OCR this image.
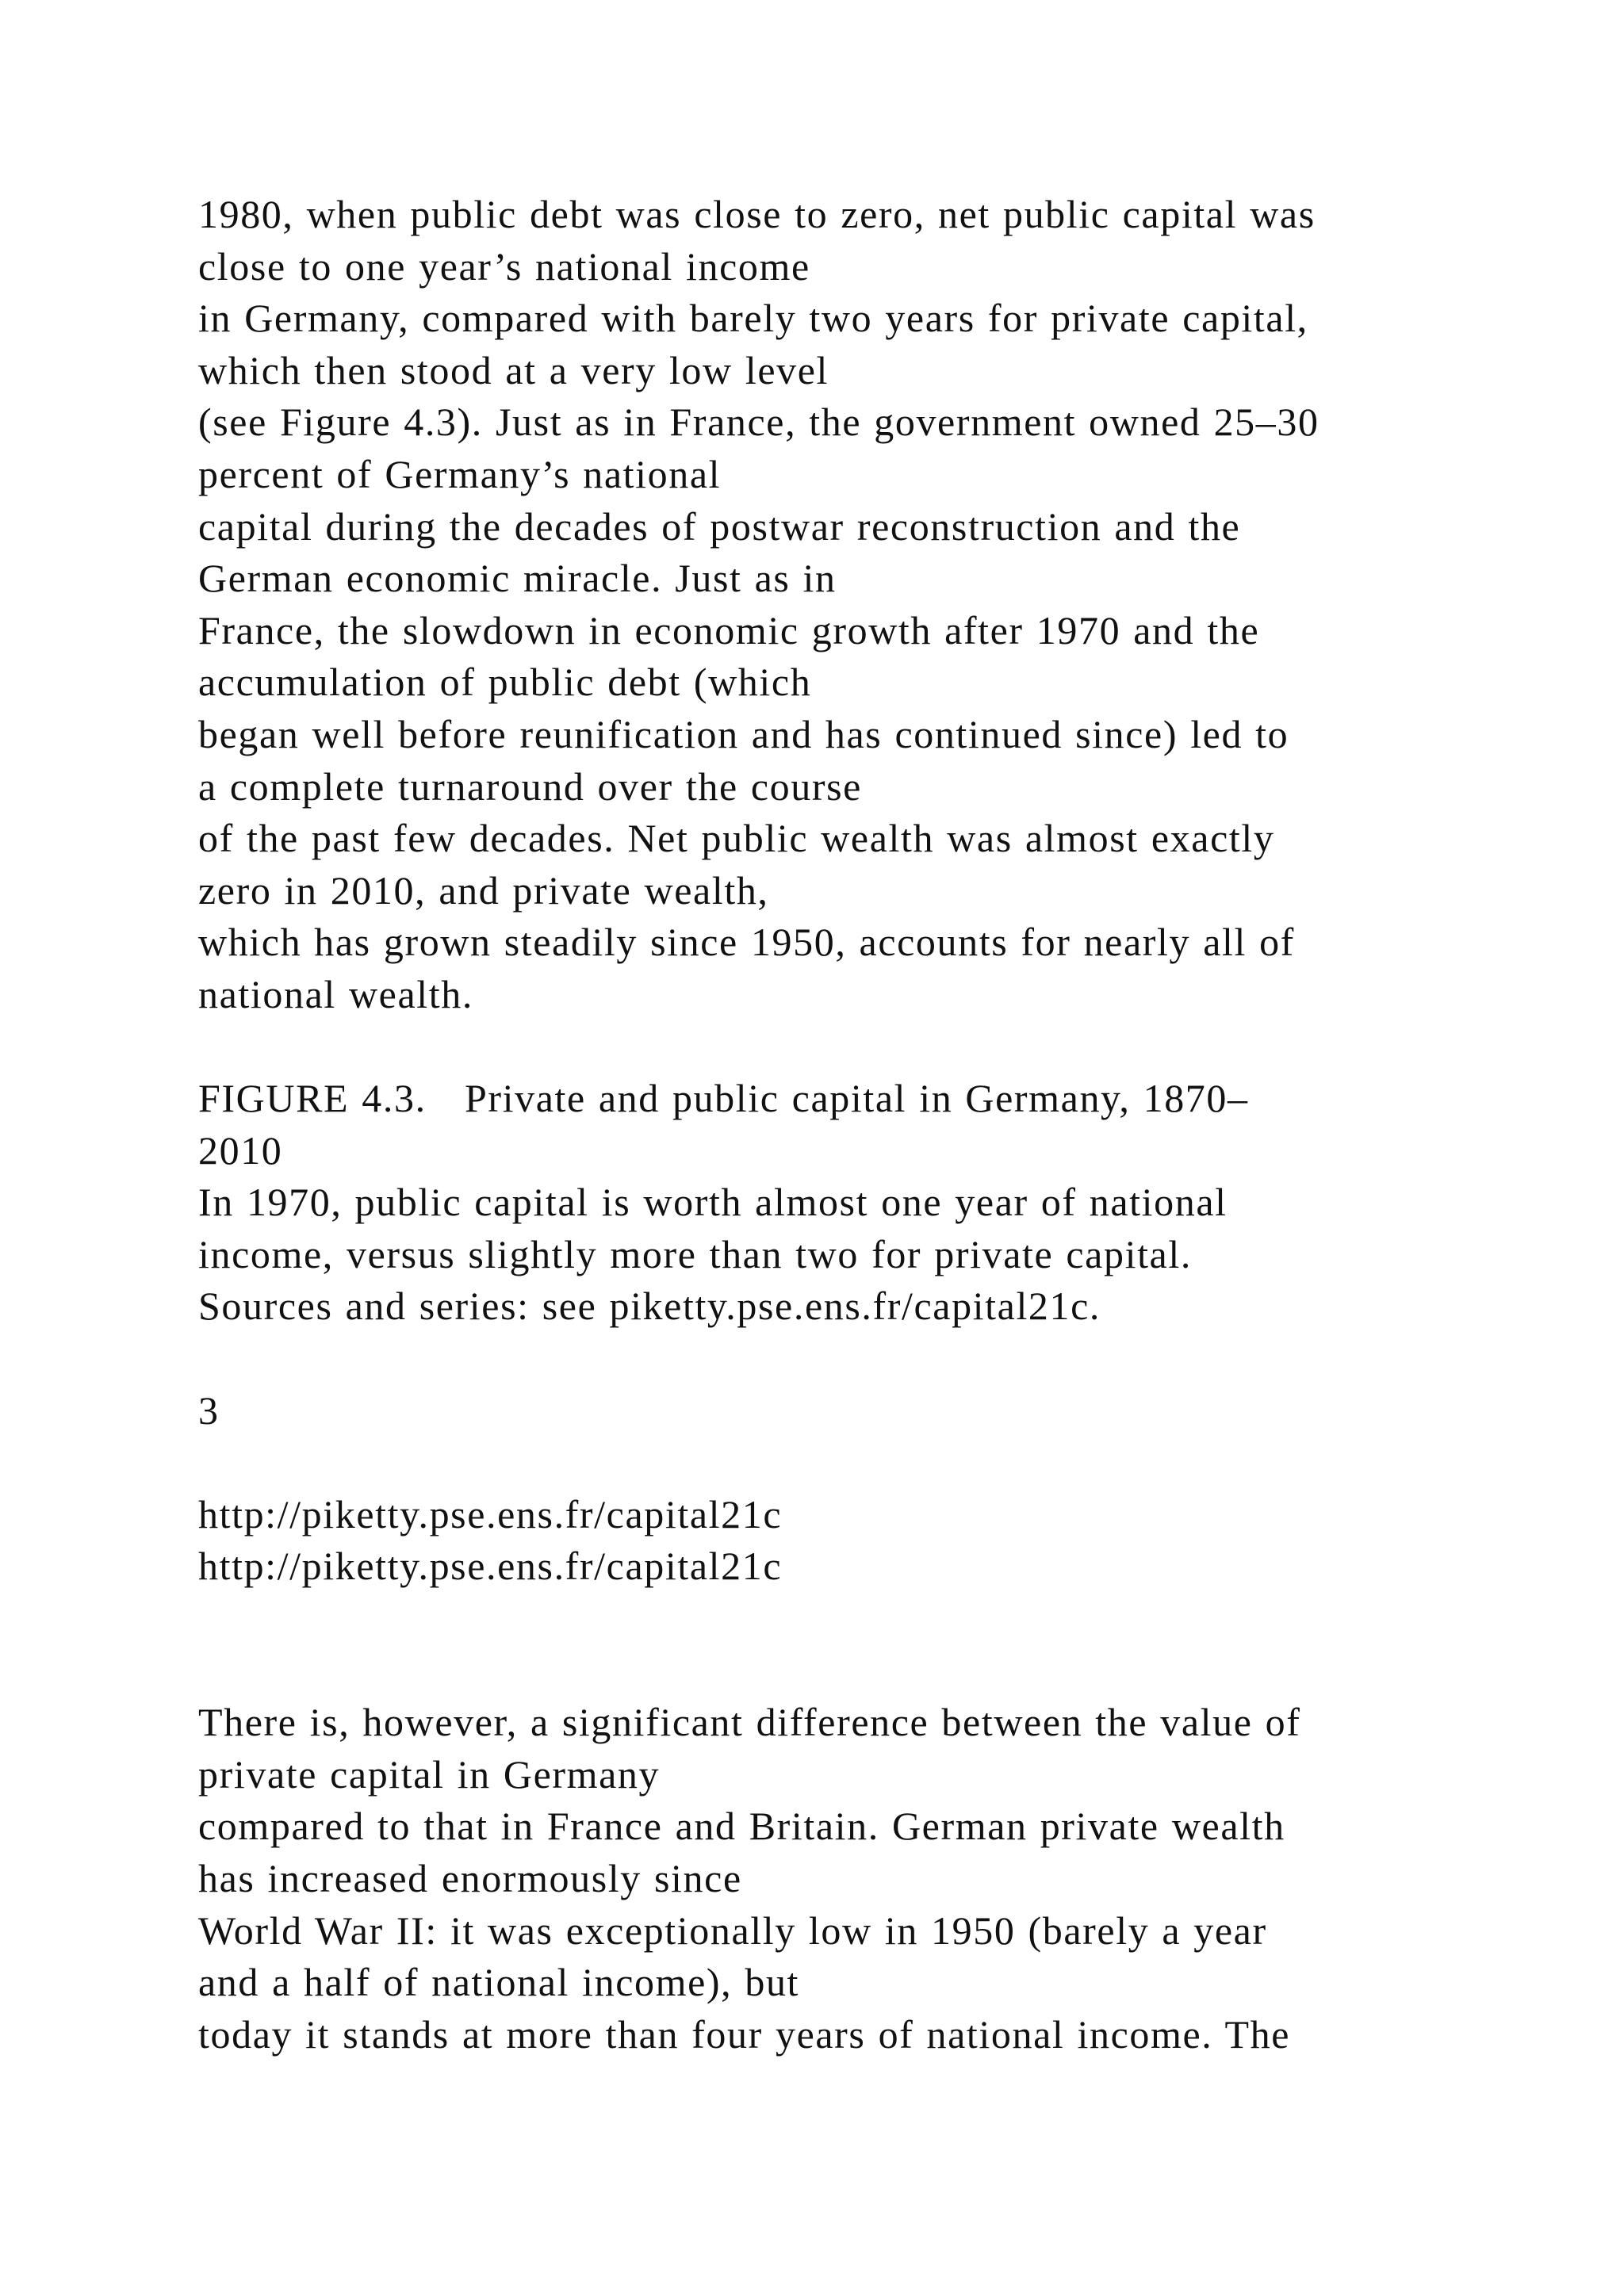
1980, when public debt was close to zero, net public capital was
close to one year’s national income
in Germany, compared with barely two years for private capital,
which then stood at a very low level
(see Figure 4.3). Just as in France, the government owned 25–30
percent of Germany’s national
capital during the decades of postwar reconstruction and the
German economic miracle. Just as in
France, the slowdown in economic growth after 1970 and the
accumulation of public debt (which
began well before reunification and has continued since) led to
a complete turnaround over the course
of the past few decades. Net public wealth was almost exactly
zero in 2010, and private wealth,
which has grown steadily since 1950, accounts for nearly all of
national wealth.
FIGURE 4.3.   Private and public capital in Germany, 1870–
2010
In 1970, public capital is worth almost one year of national
income, versus slightly more than two for private capital.
Sources and series: see piketty.pse.ens.fr/capital21c.
3
http://piketty.pse.ens.fr/capital21c
http://piketty.pse.ens.fr/capital21c
There is, however, a significant difference between the value of
private capital in Germany
compared to that in France and Britain. German private wealth
has increased enormously since
World War II: it was exceptionally low in 1950 (barely a year
and a half of national income), but
today it stands at more than four years of national income. The
